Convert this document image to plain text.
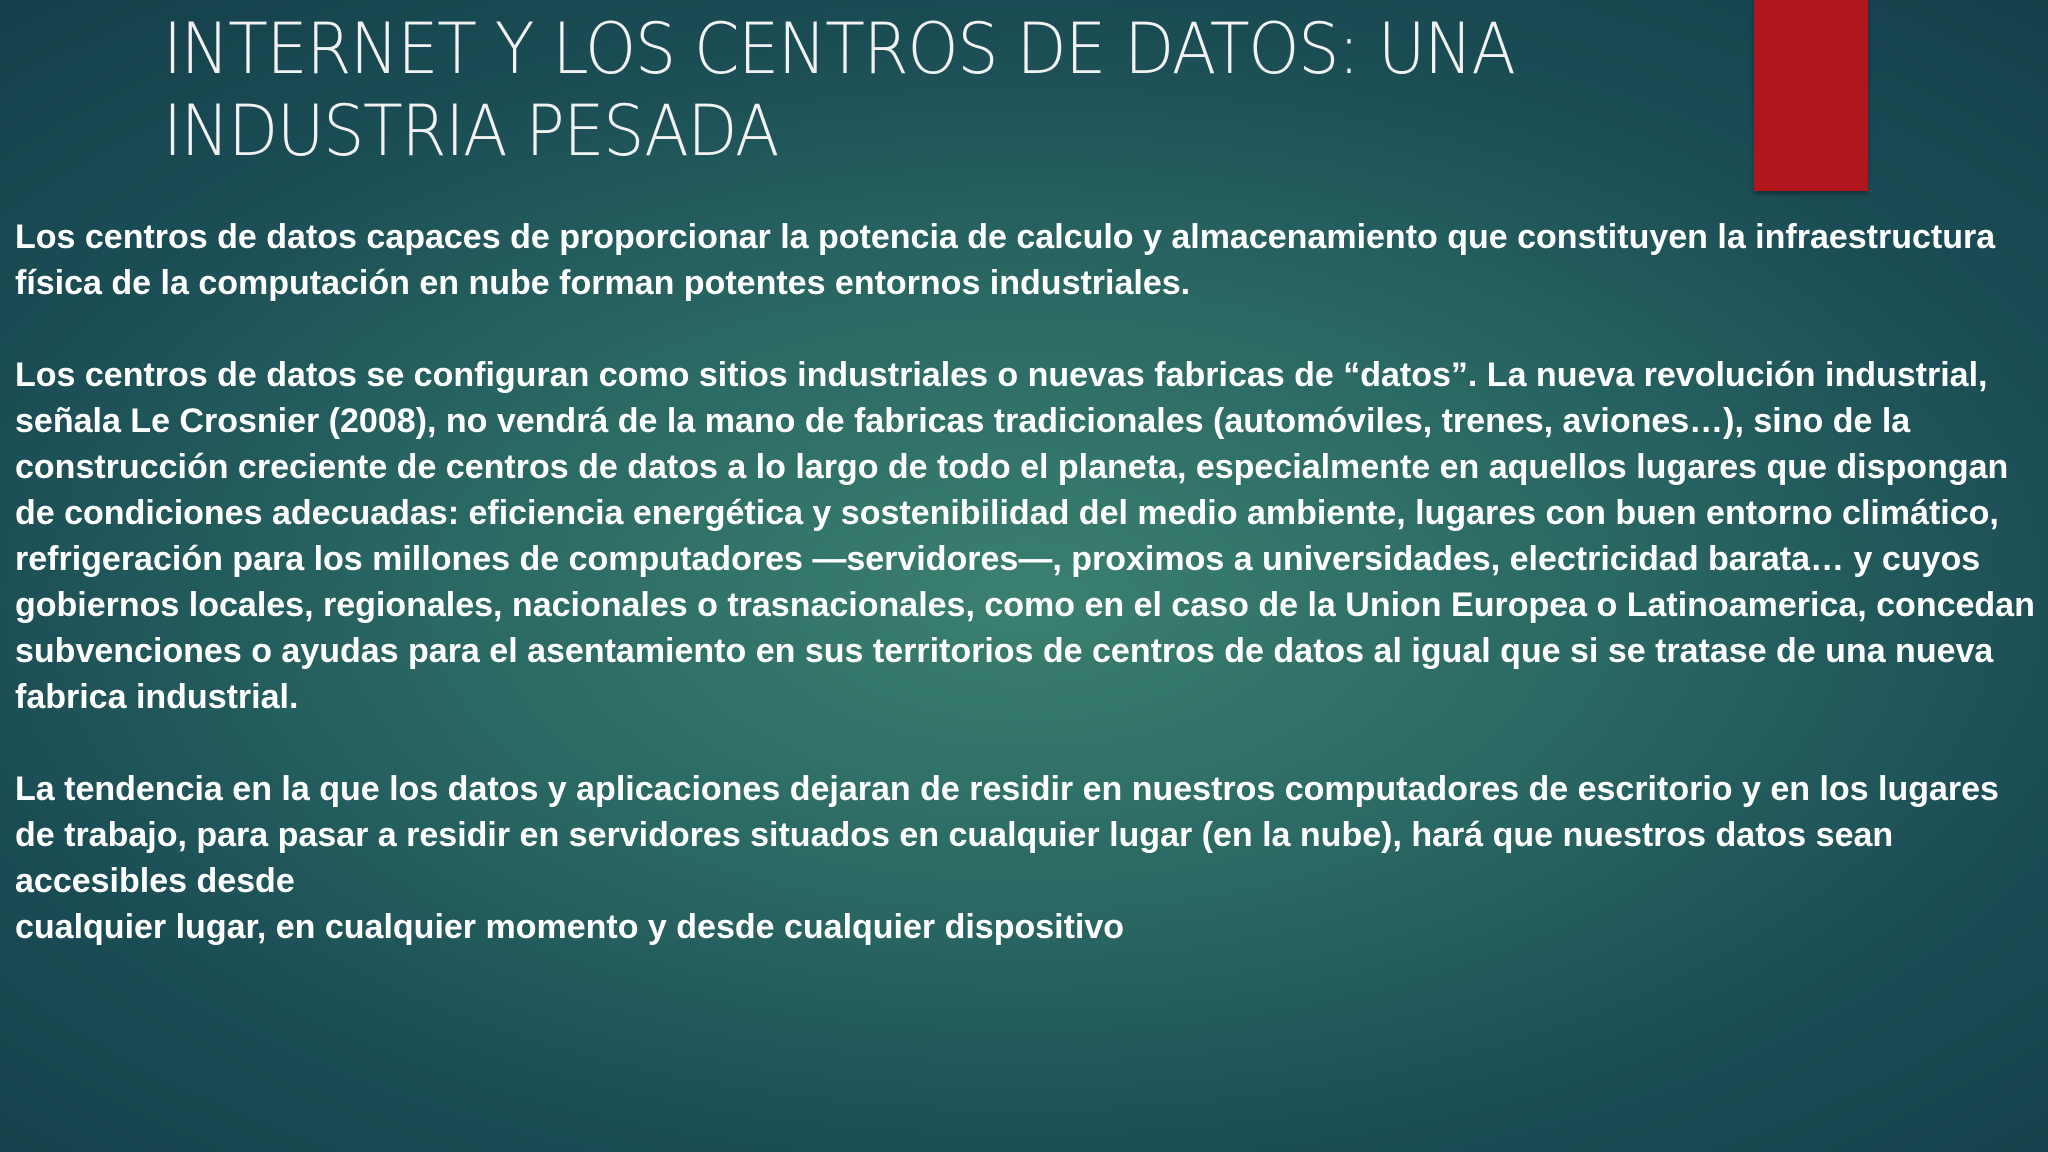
INTERNET Y LOS CENTROS DE DATOS: UNA INDUSTRIA PESADA

Los centros de datos capaces de proporcionar la potencia de calculo y almacenamiento que constituyen la infraestructura física de la computación en nube forman potentes entornos industriales.

Los centros de datos se configuran como sitios industriales o nuevas fabricas de “datos”. La nueva revolución industrial, señala Le Crosnier (2008), no vendrá de la mano de fabricas tradicionales (automóviles, trenes, aviones…), sino de la construcción creciente de centros de datos a lo largo de todo el planeta, especialmente en aquellos lugares que dispongan de condiciones adecuadas: eficiencia energética y sostenibilidad del medio ambiente, lugares con buen entorno climático, refrigeración para los millones de computadores —servidores—, proximos a universidades, electricidad barata… y cuyos gobiernos locales, regionales, nacionales o trasnacionales, como en el caso de la Union Europea o Latinoamerica, concedan subvenciones o ayudas para el asentamiento en sus territorios de centros de datos al igual que si se tratase de una nueva fabrica industrial.

La tendencia en la que los datos y aplicaciones dejaran de residir en nuestros computadores de escritorio y en los lugares de trabajo, para pasar a residir en servidores situados en cualquier lugar (en la nube), hará que nuestros datos sean accesibles desde
cualquier lugar, en cualquier momento y desde cualquier dispositivo
